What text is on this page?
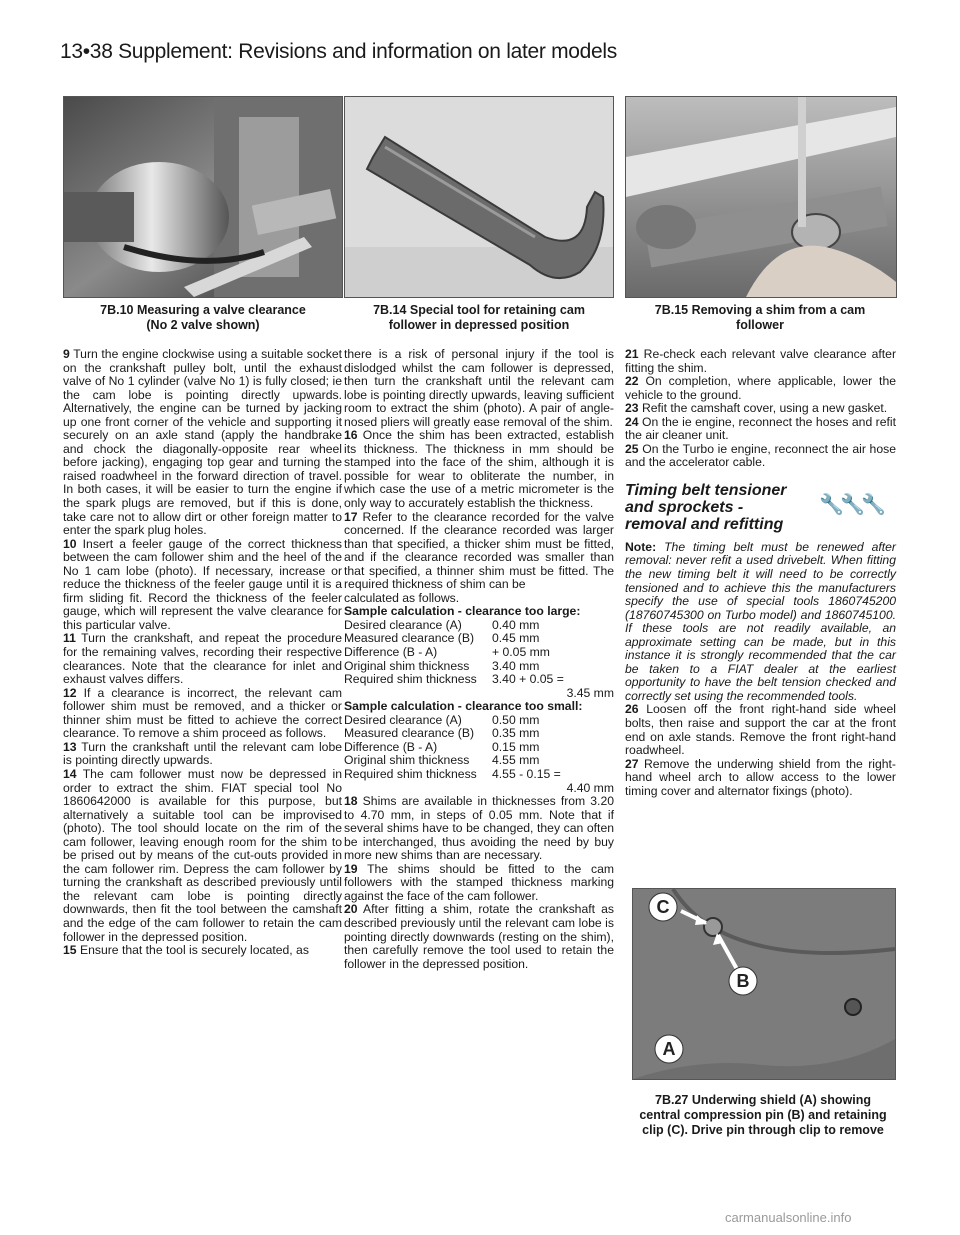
13•38 Supplement: Revisions and information on later models
7B.10 Measuring a valve clearance
(No 2 valve shown)
7B.14 Special tool for retaining cam
follower in depressed position
7B.15 Removing a shim from a cam
follower

9 Turn the engine clockwise using a suitable socket on the crankshaft pulley bolt, until the exhaust valve of No 1 cylinder (valve No 1) is fully closed; ie the cam lobe is pointing directly upwards. Alternatively, the engine can be turned by jacking up one front corner of the vehicle and supporting it securely on an axle stand (apply the handbrake and chock the diagonally-opposite rear wheel before jacking), engaging top gear and turning the raised roadwheel in the forward direction of travel. In both cases, it will be easier to turn the engine if the spark plugs are removed, but if this is done, take care not to allow dirt or other foreign matter to enter the spark plug holes.

10 Insert a feeler gauge of the correct thickness between the cam follower shim and the heel of the No 1 cam lobe (photo). If necessary, increase or reduce the thickness of the feeler gauge until it is a firm sliding fit. Record the thickness of the feeler gauge, which will represent the valve clearance for this particular valve.

11 Turn the crankshaft, and repeat the procedure for the remaining valves, recording their respective clearances. Note that the clearance for inlet and exhaust valves differs.

12 If a clearance is incorrect, the relevant cam follower shim must be removed, and a thicker or thinner shim must be fitted to achieve the correct clearance. To remove a shim proceed as follows.

13 Turn the crankshaft until the relevant cam lobe is pointing directly upwards.

14 The cam follower must now be depressed in order to extract the shim. FIAT special tool No 1860642000 is available for this purpose, but alternatively a suitable tool can be improvised (photo). The tool should locate on the rim of the cam follower, leaving enough room for the shim to be prised out by means of the cut-outs provided in the cam follower rim. Depress the cam follower by turning the crankshaft as described previously until the relevant cam lobe is pointing directly downwards, then fit the tool between the camshaft and the edge of the cam follower to retain the cam follower in the depressed position.

15 Ensure that the tool is securely located, as

there is a risk of personal injury if the tool is dislodged whilst the cam follower is depressed, then turn the crankshaft until the relevant cam lobe is pointing directly upwards, leaving sufficient room to extract the shim (photo). A pair of angle-nosed pliers will greatly ease removal of the shim.

16 Once the shim has been extracted, establish its thickness. The thickness in mm should be stamped into the face of the shim, although it is possible for wear to obliterate the number, in which case the use of a metric micrometer is the only way to accurately establish the thickness.

17 Refer to the clearance recorded for the valve concerned. If the clearance recorded was larger than that specified, a thicker shim must be fitted, and if the clearance recorded was smaller than that specified, a thinner shim must be fitted. The required thickness of shim can be

calculated as follows.

Sample calculation - clearance too large:
Desired clearance (A)	0.40 mm
Measured clearance (B)	0.45 mm
Difference (B - A)	+ 0.05 mm
Original shim thickness	3.40 mm
Required shim thickness	3.40 + 0.05 =
3.45 mm
Sample calculation - clearance too small:
Desired clearance (A)	0.50 mm
Measured clearance (B)	0.35 mm
Difference (B - A)	0.15 mm
Original shim thickness	4.55 mm
Required shim thickness	4.55 - 0.15 =
4.40 mm

18 Shims are available in thicknesses from 3.20 to 4.70 mm, in steps of 0.05 mm. Note that if several shims have to be changed, they can often be interchanged, thus avoiding the need by buy more new shims than are necessary.

19 The shims should be fitted to the cam followers with the stamped thickness marking against the face of the cam follower.

20 After fitting a shim, rotate the crankshaft as described previously until the relevant cam lobe is pointing directly downwards (resting on the shim), then carefully remove the tool used to retain the follower in the depressed position.

21 Re-check each relevant valve clearance after fitting the shim.

22 On completion, where applicable, lower the vehicle to the ground.

23 Refit the camshaft cover, using a new gasket.

24 On the ie engine, reconnect the hoses and refit the air cleaner unit.

25 On the Turbo ie engine, reconnect the air hose and the accelerator cable.

Timing belt tensioner
and sprockets -
removal and refitting
🔧🔧🔧

Note: The timing belt must be renewed after removal: never refit a used drivebelt. When fitting the new timing belt it will need to be correctly tensioned and to achieve this the manufacturers specify the use of special tools 1860745200 (18760745300 on Turbo model) and 1860745100. If these tools are not readily available, an approximate setting can be made, but in this instance it is strongly recommended that the car be taken to a FIAT dealer at the earliest opportunity to have the belt tension checked and correctly set using the recommended tools.

26 Loosen off the front right-hand side wheel bolts, then raise and support the car at the front end on axle stands. Remove the front right-hand roadwheel.

27 Remove the underwing shield from the right-hand wheel arch to allow access to the lower timing cover and alternator fixings (photo).

C
B
A
7B.27 Underwing shield (A) showing
central compression pin (B) and retaining
clip (C). Drive pin through clip to remove
carmanualsonline.info
